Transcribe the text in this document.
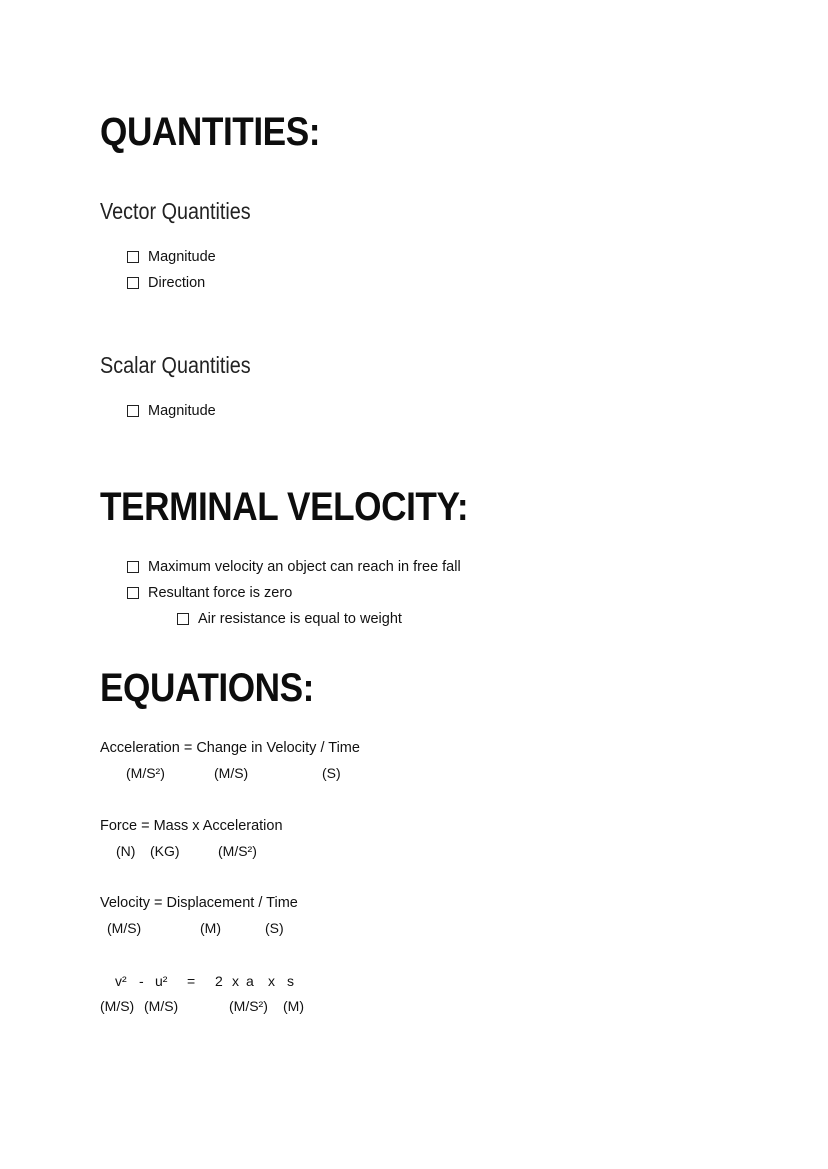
QUANTITIES:
Vector Quantities
Magnitude
Direction
Scalar Quantities
Magnitude
TERMINAL VELOCITY:
Maximum velocity an object can reach in free fall
Resultant force is zero
Air resistance is equal to weight
EQUATIONS:
Acceleration = Change in Velocity / Time
(M/S²)	(M/S)	(S)
Force = Mass x Acceleration
(N) (KG)	(M/S²)
Velocity = Displacement / Time
(M/S)	(M)	(S)
v² - u² = 2 x a x s
(M/S) (M/S)	(M/S²) (M)
